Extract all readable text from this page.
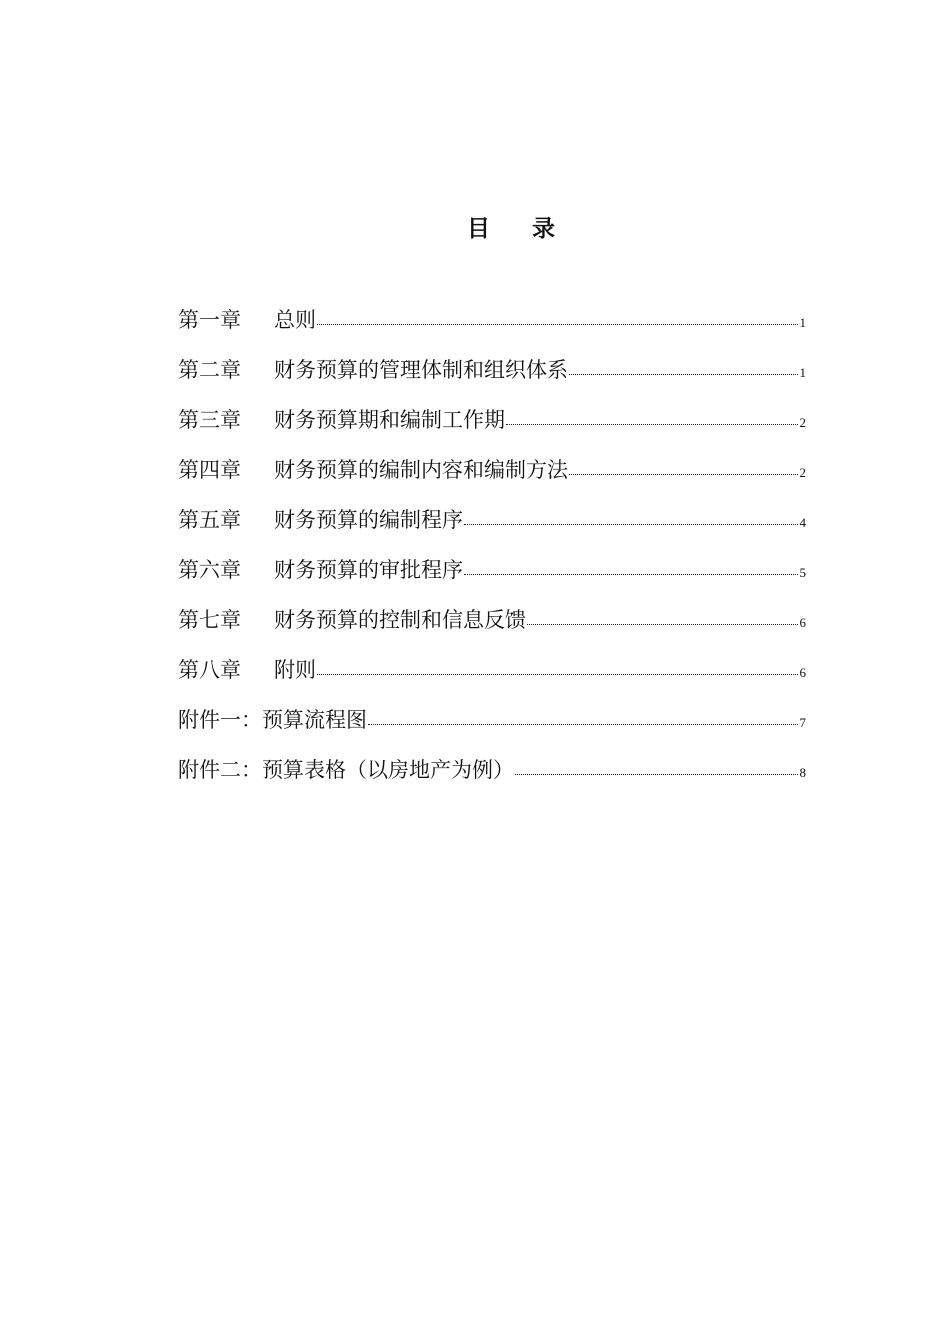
目 录
第一章	总则	1
第二章	财务预算的管理体制和组织体系	1
第三章	财务预算期和编制工作期	2
第四章	财务预算的编制内容和编制方法	2
第五章	财务预算的编制程序	4
第六章	财务预算的审批程序	5
第七章	财务预算的控制和信息反馈	6
第八章	附则	6
附件一： 预算流程图	7
附件二： 预算表格（以房地产为例）	8
